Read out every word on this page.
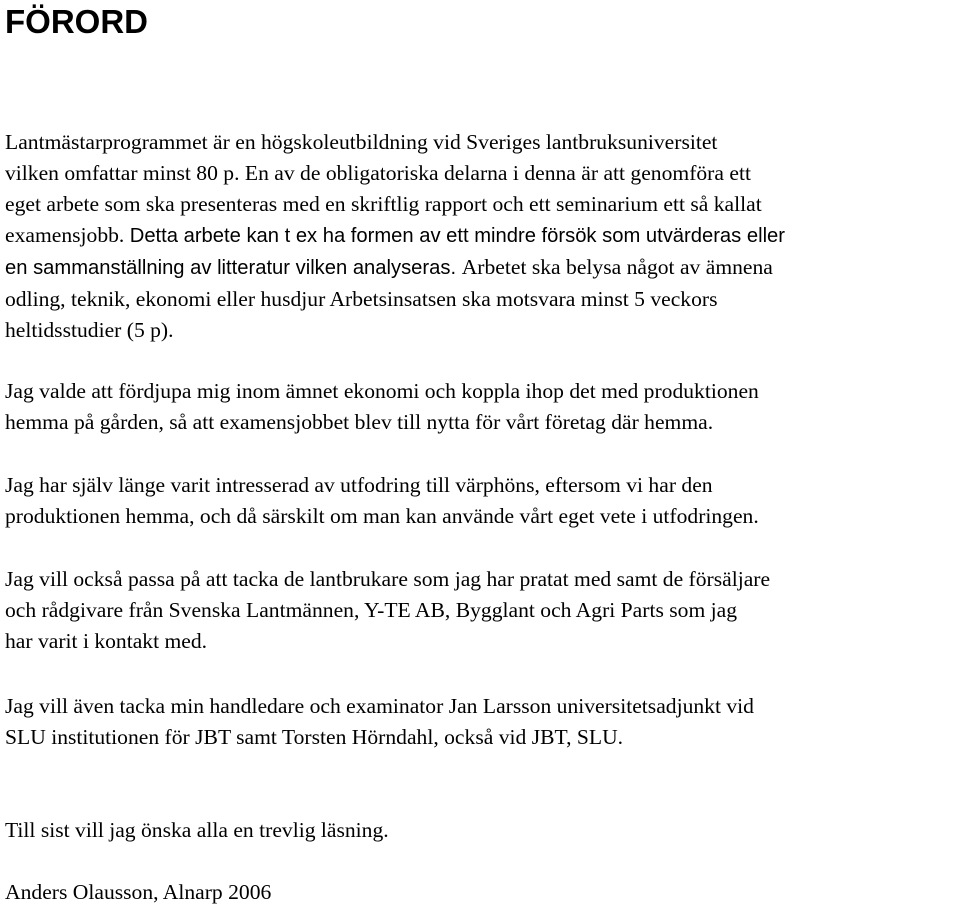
FÖRORD

Lantmästarprogrammet är en högskoleutbildning vid Sveriges lantbruksuniversitet
vilken omfattar minst 80 p. En av de obligatoriska delarna i denna är att genomföra ett
eget arbete som ska presenteras med en skriftlig rapport och ett seminarium ett så kallat
examensjobb. Detta arbete kan t ex ha formen av ett mindre försök som utvärderas eller
en sammanställning av litteratur vilken analyseras. Arbetet ska belysa något av ämnena
odling, teknik, ekonomi eller husdjur Arbetsinsatsen ska motsvara minst 5 veckors
heltidsstudier (5 p).

Jag valde att fördjupa mig inom ämnet ekonomi och koppla ihop det med produktionen
hemma på gården, så att examensjobbet blev till nytta för vårt företag där hemma.

Jag har själv länge varit intresserad av utfodring till värphöns, eftersom vi har den
produktionen hemma, och då särskilt om man kan använde vårt eget vete i utfodringen.

Jag vill också passa på att tacka de lantbrukare som jag har pratat med samt de försäljare
och rådgivare från Svenska Lantmännen, Y-TE AB, Bygglant och Agri Parts som jag
har varit i kontakt med.

Jag vill även tacka min handledare och examinator Jan Larsson universitetsadjunkt vid
SLU institutionen för JBT samt Torsten Hörndahl, också vid JBT, SLU.

Till sist vill jag önska alla en trevlig läsning.

Anders Olausson, Alnarp 2006
